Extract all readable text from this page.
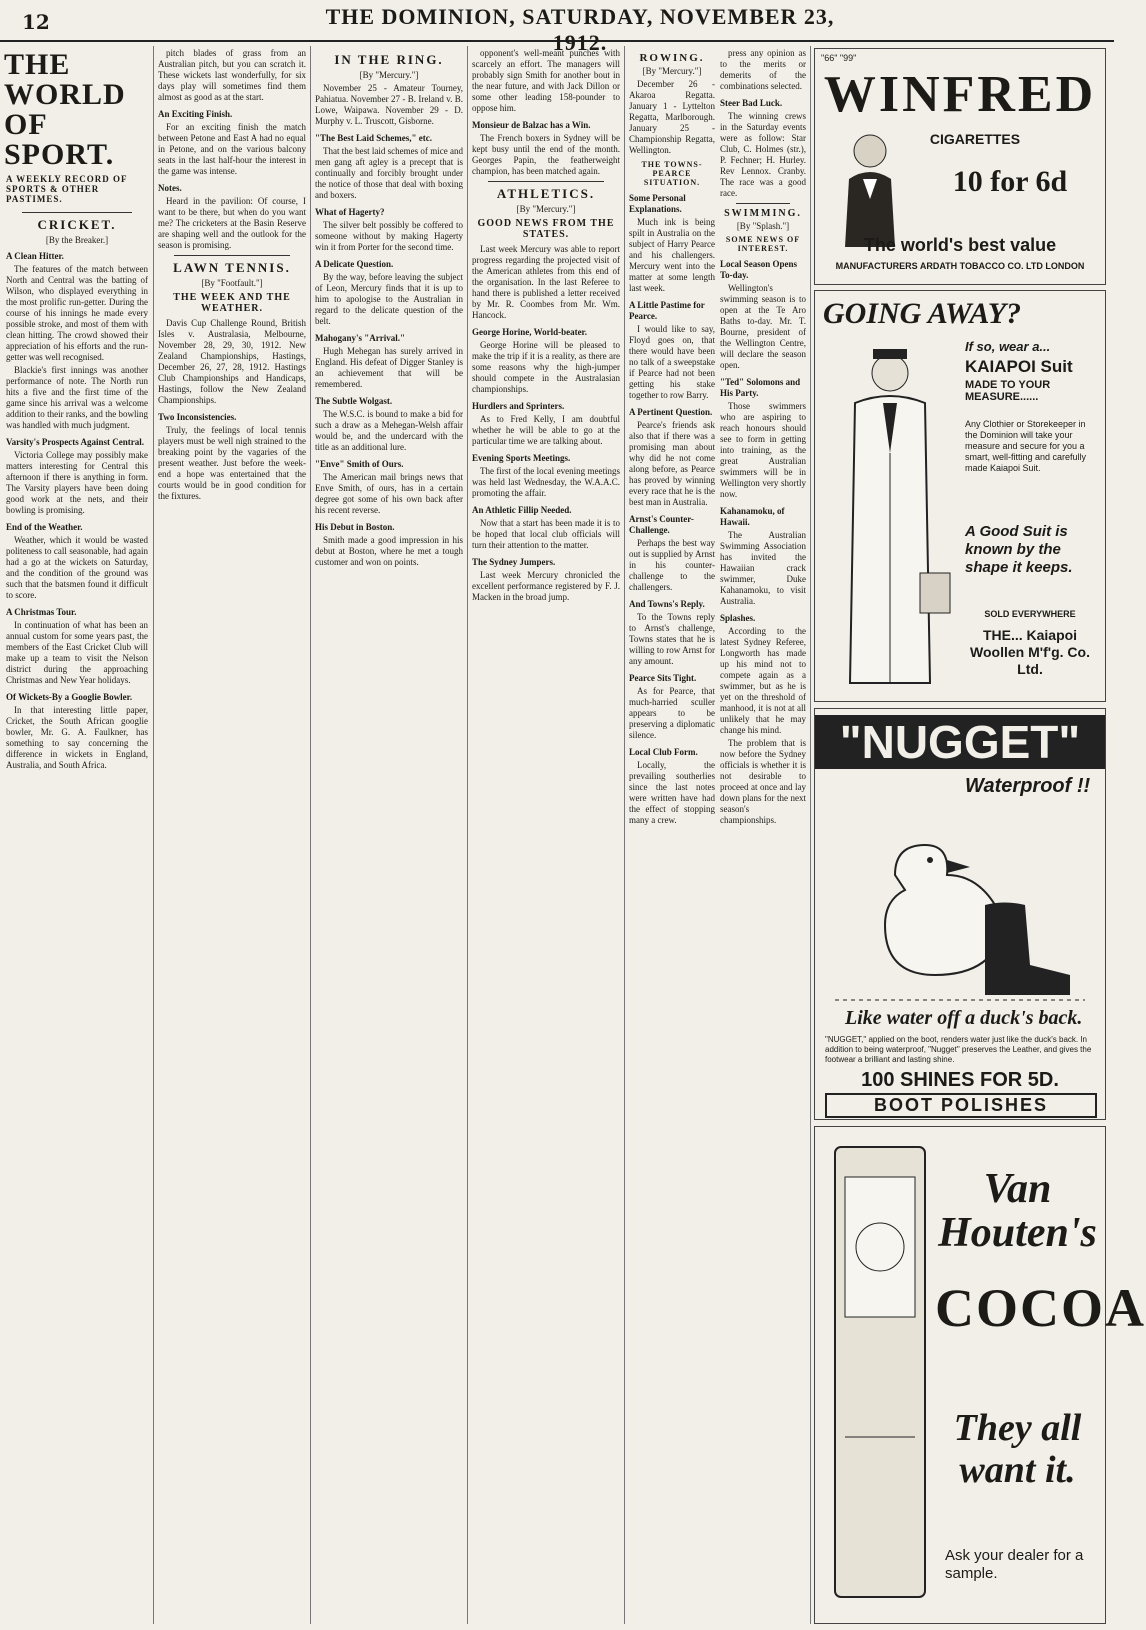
12	THE DOMINION, SATURDAY, NOVEMBER 23, 1912.
THE WORLD OF SPORT.
A WEEKLY RECORD OF SPORTS & OTHER PASTIMES.
CRICKET.
[By the Breaker.]
A Clean Hitter.

The features of the match between North and Central was the batting of Wilson, who displayed everything in the most prolific run-getter. During the course of his innings he made every possible stroke, and most of them with clean hitting. The crowd showed their appreciation of his efforts and the run-getter was well recognised.

Blackie's first innings was another performance of note. The North run hits a five and the first time of the game since his arrival was a welcome addition to their ranks, and the bowling was handled with much judgment.

Varsity's Prospects Against Central.

Victoria College may possibly make matters interesting for Central this afternoon if there is anything in form. The Varsity players have been doing good work at the nets, and their bowling is promising.

End of the Weather.

Weather, which it would be wasted politeness to call seasonable, had again had a go at the wickets on Saturday, and the condition of the ground was such that the batsmen found it difficult to score.

A Christmas Tour.

In continuation of what has been an annual custom for some years past, the members of the East Cricket Club will make up a team to visit the Nelson district during the approaching Christmas and New Year holidays.

Of Wickets-By a Googlie Bowler.

In that interesting little paper, Cricket, the South African googlie bowler, Mr. G. A. Faulkner, has something to say concerning the difference in wickets in England, Australia, and South Africa.

pitch blades of grass from an Australian pitch, but you can scratch it. These wickets last wonderfully, for six days play will sometimes find them almost as good as at the start.

An Exciting Finish.

For an exciting finish the match between Petone and East A had no equal in Petone, and on the various balcony seats in the last half-hour the interest in the game was intense.

Notes.

Heard in the pavilion: Of course, I want to be there, but when do you want me? The cricketers at the Basin Reserve are shaping well and the outlook for the season is promising.

LAWN TENNIS.
[By "Footfault."]
THE WEEK AND THE WEATHER.

Davis Cup Challenge Round, British Isles v. Australasia, Melbourne, November 28, 29, 30, 1912. New Zealand Championships, Hastings, December 26, 27, 28, 1912. Hastings Club Championships and Handicaps, Hastings, follow the New Zealand Championships.

Two Inconsistencies.

Truly, the feelings of local tennis players must be well nigh strained to the breaking point by the vagaries of the present weather. Just before the week-end a hope was entertained that the courts would be in good condition for the fixtures.

IN THE RING.
[By "Mercury."]

November 25 - Amateur Tourney, Pahiatua. November 27 - B. Ireland v. B. Lowe, Waipawa. November 29 - D. Murphy v. L. Truscott, Gisborne.

"The Best Laid Schemes," etc.

That the best laid schemes of mice and men gang aft agley is a precept that is continually and forcibly brought under the notice of those that deal with boxing and boxers.

What of Hagerty?

The silver belt possibly be coffered to someone without by making Hagerty win it from Porter for the second time.

A Delicate Question.

By the way, before leaving the subject of Leon, Mercury finds that it is up to him to apologise to the Australian in regard to the delicate question of the belt.

Mahogany's "Arrival."

Hugh Mehegan has surely arrived in England. His defeat of Digger Stanley is an achievement that will be remembered.

The Subtle Wolgast.

The W.S.C. is bound to make a bid for such a draw as a Mehegan-Welsh affair would be, and the undercard with the title as an additional lure.

"Enve" Smith of Ours.

The American mail brings news that Enve Smith, of ours, has in a certain degree got some of his own back after his recent reverse.

His Debut in Boston.

Smith made a good impression in his debut at Boston, where he met a tough customer and won on points.

opponent's well-meant punches with scarcely an effort. The managers will probably sign Smith for another bout in the near future, and with Jack Dillon or some other leading 158-pounder to oppose him.

Monsieur de Balzac has a Win.

The French boxers in Sydney will be kept busy until the end of the month. Georges Papin, the featherweight champion, has been matched again.

ATHLETICS.
[By "Mercury."]
GOOD NEWS FROM THE STATES.

Last week Mercury was able to report progress regarding the projected visit of the American athletes from this end of the organisation. In the last Referee to hand there is published a letter received by Mr. R. Coombes from Mr. Wm. Hancock.

George Horine, World-beater.

George Horine will be pleased to make the trip if it is a reality, as there are some reasons why the high-jumper should compete in the Australasian championships.

Hurdlers and Sprinters.

As to Fred Kelly, I am doubtful whether he will be able to go at the particular time we are talking about.

Evening Sports Meetings.

The first of the local evening meetings was held last Wednesday, the W.A.A.C. promoting the affair.

An Athletic Fillip Needed.

Now that a start has been made it is to be hoped that local club officials will turn their attention to the matter.

The Sydney Jumpers.

Last week Mercury chronicled the excellent performance registered by F. J. Macken in the broad jump.

ROWING.
[By "Mercury."]

December 26 - Akaroa Regatta. January 1 - Lyttelton Regatta, Marlborough. January 25 - Championship Regatta, Wellington.

THE TOWNS-PEARCE SITUATION.
Some Personal Explanations.

Much ink is being spilt in Australia on the subject of Harry Pearce and his challengers. Mercury went into the matter at some length last week.

A Little Pastime for Pearce.

I would like to say, Floyd goes on, that there would have been no talk of a sweepstake if Pearce had not been getting his stake together to row Barry.

A Pertinent Question.

Pearce's friends ask also that if there was a promising man about why did he not come along before, as Pearce has proved by winning every race that he is the best man in Australia.

Arnst's Counter-Challenge.

Perhaps the best way out is supplied by Arnst in his counter-challenge to the challengers.

And Towns's Reply.

To the Towns reply to Arnst's challenge, Towns states that he is willing to row Arnst for any amount.

Pearce Sits Tight.

As for Pearce, that much-harried sculler appears to be preserving a diplomatic silence.

Local Club Form.

Locally, the prevailing southerlies since the last notes were written have had the effect of stopping many a crew.

press any opinion as to the merits or demerits of the combinations selected.

Steer Bad Luck.

The winning crews in the Saturday events were as follow: Star Club, C. Holmes (str.), P. Fechner; H. Hurley. Rev Lennox. Cranby. The race was a good race.

SWIMMING.
[By "Splash."]
SOME NEWS OF INTEREST.
Local Season Opens To-day.

Wellington's swimming season is to open at the Te Aro Baths to-day. Mr. T. Bourne, president of the Wellington Centre, will declare the season open.

"Ted" Solomons and His Party.

Those swimmers who are aspiring to reach honours should see to form in getting into training, as the great Australian swimmers will be in Wellington very shortly now.

Kahanamoku, of Hawaii.

The Australian Swimming Association has invited the Hawaiian crack swimmer, Duke Kahanamoku, to visit Australia.

Splashes.

According to the latest Sydney Referee, Longworth has made up his mind not to compete again as a swimmer, but as he is yet on the threshold of manhood, it is not at all unlikely that he may change his mind.

The problem that is now before the Sydney officials is whether it is not desirable to proceed at once and lay down plans for the next season's championships.

"66" "99"
WINFRED
CIGARETTES
10 for 6d
The world's best value
MANUFACTURERS ARDATH TOBACCO CO. LTD LONDON
GOING AWAY?
If so, wear a...
KAIAPOI Suit
MADE TO YOUR MEASURE......
Any Clothier or Storekeeper in the Dominion will take your measure and secure for you a smart, well-fitting and carefully made Kaiapoi Suit.
A Good Suit is known by the shape it keeps.
SOLD EVERYWHERE
THE... Kaiapoi Woollen M'f'g. Co. Ltd.
"NUGGET"
Waterproof !!
Like water off a duck's back.
"NUGGET," applied on the boot, renders water just like the duck's back. In addition to being waterproof, "Nugget" preserves the Leather, and gives the footwear a brilliant and lasting shine.
100 SHINES FOR 5D.
BOOT POLISHES
Van Houten's
COCOA
They all want it.
Ask your dealer for a sample.
